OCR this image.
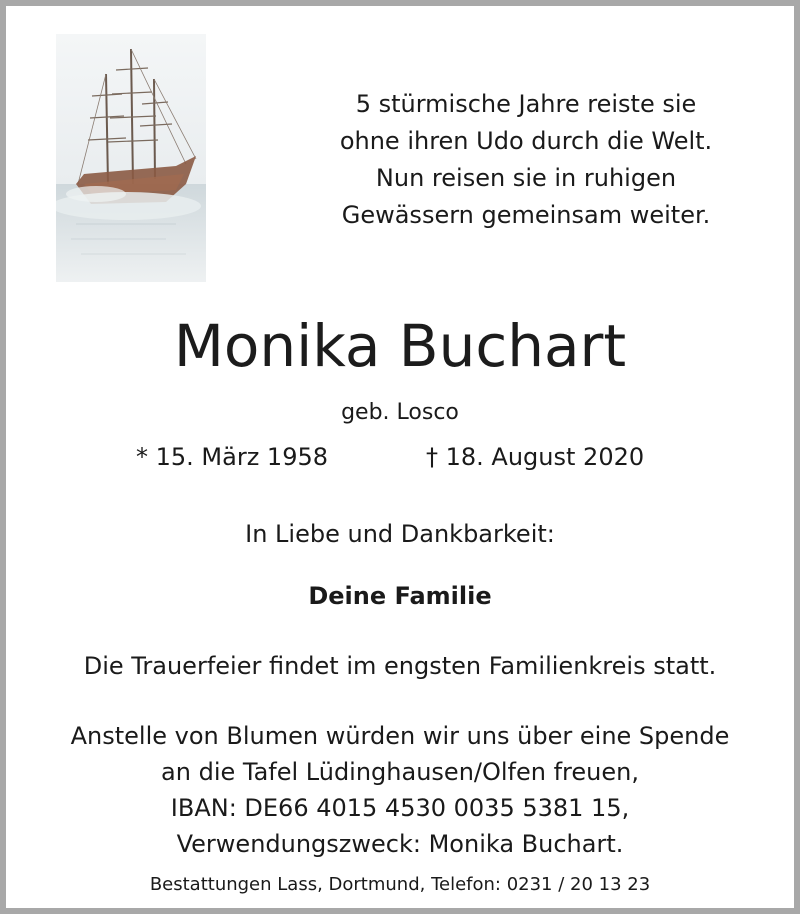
5 stürmische Jahre reiste sie
ohne ihren Udo durch die Welt.
Nun reisen sie in ruhigen
Gewässern gemeinsam weiter.
Monika Buchart
geb. Losco
* 15. März 1958	† 18. August 2020
In Liebe und Dankbarkeit:
Deine Familie
Die Trauerfeier findet im engsten Familienkreis statt.
Anstelle von Blumen würden wir uns über eine Spende
an die Tafel Lüdinghausen/Olfen freuen,
IBAN: DE66 4015 4530 0035 5381 15,
Verwendungszweck: Monika Buchart.
Bestattungen Lass, Dortmund, Telefon: 0231 / 20 13 23
